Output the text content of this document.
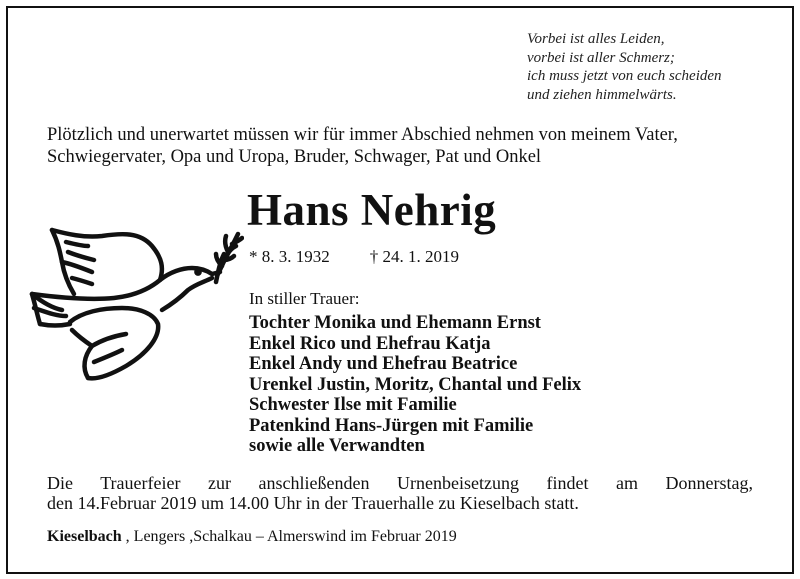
Vorbei ist alles Leiden,
vorbei ist aller Schmerz;
ich muss jetzt von euch scheiden
und ziehen himmelwärts.
Plötzlich und unerwartet müssen wir für immer Abschied nehmen von meinem Vater,
Schwiegervater, Opa und Uropa, Bruder, Schwager, Pat und Onkel
Hans Nehrig
* 8. 3. 1932 † 24. 1. 2019
In stiller Trauer:
Tochter Monika und Ehemann Ernst
Enkel Rico und Ehefrau Katja
Enkel Andy und Ehefrau Beatrice
Urenkel Justin, Moritz, Chantal und Felix
Schwester Ilse mit Familie
Patenkind Hans-Jürgen mit Familie
sowie alle Verwandten
Die Trauerfeier zur anschließenden Urnenbeisetzung findet am Donnerstag,
den 14.Februar 2019 um 14.00 Uhr in der Trauerhalle zu Kieselbach statt.
Kieselbach , Lengers ,Schalkau – Almerswind im Februar 2019
